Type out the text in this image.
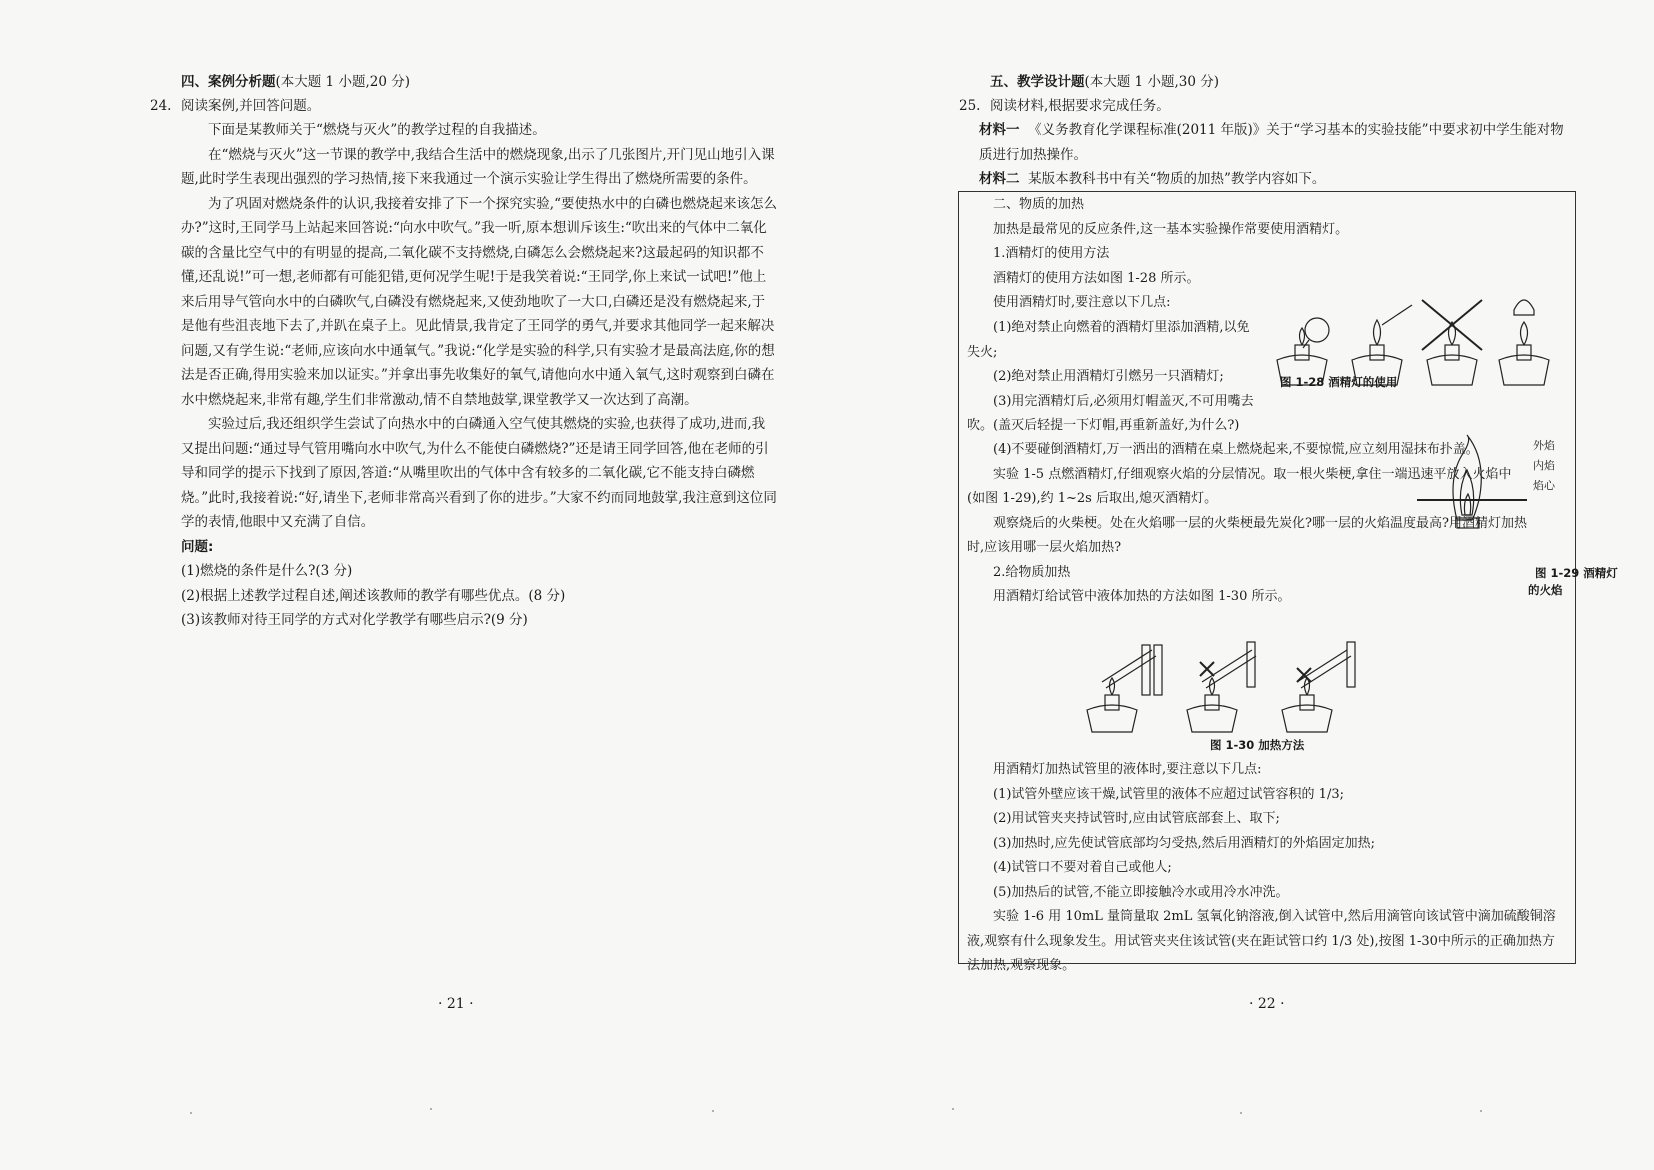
四、案例分析题(本大题 1 小题,20 分)
24. 阅读案例,并回答问题。

下面是某教师关于“燃烧与灭火”的教学过程的自我描述。

在“燃烧与灭火”这一节课的教学中,我结合生活中的燃烧现象,出示了几张图片,开门见山地引入课题,此时学生表现出强烈的学习热情,接下来我通过一个演示实验让学生得出了燃烧所需要的条件。

为了巩固对燃烧条件的认识,我接着安排了下一个探究实验,“要使热水中的白磷也燃烧起来该怎么办?”这时,王同学马上站起来回答说:“向水中吹气。”我一听,原本想训斥该生:“吹出来的气体中二氧化碳的含量比空气中的有明显的提高,二氧化碳不支持燃烧,白磷怎么会燃烧起来?这最起码的知识都不懂,还乱说!”可一想,老师都有可能犯错,更何况学生呢!于是我笑着说:“王同学,你上来试一试吧!”他上来后用导气管向水中的白磷吹气,白磷没有燃烧起来,又使劲地吹了一大口,白磷还是没有燃烧起来,于是他有些沮丧地下去了,并趴在桌子上。见此情景,我肯定了王同学的勇气,并要求其他同学一起来解决问题,又有学生说:“老师,应该向水中通氧气。”我说:“化学是实验的科学,只有实验才是最高法庭,你的想法是否正确,得用实验来加以证实。”并拿出事先收集好的氧气,请他向水中通入氧气,这时观察到白磷在水中燃烧起来,非常有趣,学生们非常激动,情不自禁地鼓掌,课堂教学又一次达到了高潮。

实验过后,我还组织学生尝试了向热水中的白磷通入空气使其燃烧的实验,也获得了成功,进而,我又提出问题:“通过导气管用嘴向水中吹气,为什么不能使白磷燃烧?”还是请王同学回答,他在老师的引导和同学的提示下找到了原因,答道:“从嘴里吹出的气体中含有较多的二氧化碳,它不能支持白磷燃烧。”此时,我接着说:“好,请坐下,老师非常高兴看到了你的进步。”大家不约而同地鼓掌,我注意到这位同学的表情,他眼中又充满了自信。

问题:

(1)燃烧的条件是什么?(3 分)

(2)根据上述教学过程自述,阐述该教师的教学有哪些优点。(8 分)

(3)该教师对待王同学的方式对化学教学有哪些启示?(9 分)

· 21 ·
五、教学设计题(本大题 1 小题,30 分)
25. 阅读材料,根据要求完成任务。

材料一 《义务教育化学课程标准(2011 年版)》关于“学习基本的实验技能”中要求初中学生能对物质进行加热操作。

材料二 某版本教科书中有关“物质的加热”教学内容如下。

二、物质的加热

加热是最常见的反应条件,这一基本实验操作常要使用酒精灯。

1.酒精灯的使用方法

酒精灯的使用方法如图 1-28 所示。

使用酒精灯时,要注意以下几点:

(1)绝对禁止向燃着的酒精灯里添加酒精,以免失火;

(2)绝对禁止用酒精灯引燃另一只酒精灯;

(3)用完酒精灯后,必须用灯帽盖灭,不可用嘴去吹。(盖灭后轻提一下灯帽,再重新盖好,为什么?)

图 1-28 酒精灯的使用

(4)不要碰倒酒精灯,万一洒出的酒精在桌上燃烧起来,不要惊慌,应立刻用湿抹布扑盖。

实验 1-5 点燃酒精灯,仔细观察火焰的分层情况。取一根火柴梗,拿住一端迅速平放入火焰中(如图 1-29),约 1~2s 后取出,熄灭酒精灯。

观察烧后的火柴梗。处在火焰哪一层的火柴梗最先炭化?哪一层的火焰温度最高?用酒精灯加热时,应该用哪一层火焰加热?

2.给物质加热

用酒精灯给试管中液体加热的方法如图 1-30 所示。

外焰
内焰
焰心
图 1-29 酒精灯
的火焰
图 1-30 加热方法

用酒精灯加热试管里的液体时,要注意以下几点:

(1)试管外壁应该干燥,试管里的液体不应超过试管容积的 1/3;

(2)用试管夹夹持试管时,应由试管底部套上、取下;

(3)加热时,应先使试管底部均匀受热,然后用酒精灯的外焰固定加热;

(4)试管口不要对着自己或他人;

(5)加热后的试管,不能立即接触冷水或用冷水冲洗。

实验 1-6 用 10mL 量筒量取 2mL 氢氧化钠溶液,倒入试管中,然后用滴管向该试管中滴加硫酸铜溶液,观察有什么现象发生。用试管夹夹住该试管(夹在距试管口约 1/3 处),按图 1-30中所示的正确加热方法加热,观察现象。

· 22 ·
